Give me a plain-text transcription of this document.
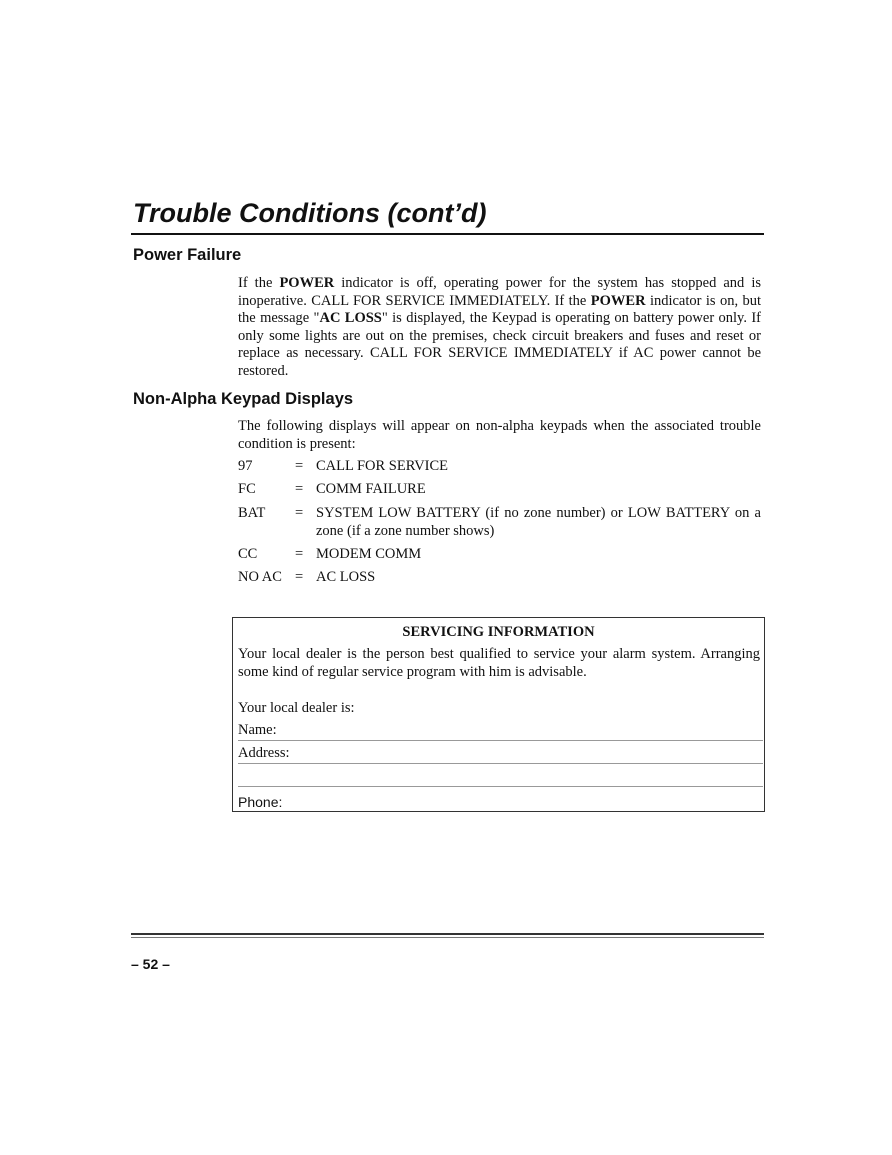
Trouble Conditions (cont’d)
Power Failure

If the POWER indicator is off, operating power for the system has stopped and is inoperative. CALL FOR SERVICE IMMEDIATELY. If the POWER indicator is on, but the message "AC LOSS" is displayed, the Keypad is operating on battery power only. If only some lights are out on the premises, check circuit breakers and fuses and reset or replace as necessary. CALL FOR SERVICE IMMEDIATELY if AC power cannot be restored.

Non-Alpha Keypad Displays

The following displays will appear on non-alpha keypads when the associated trouble condition is present:

97	= CALL FOR SERVICE
FC	= COMM FAILURE
BAT	= SYSTEM LOW BATTERY (if no zone number) or LOW BATTERY on a zone (if a zone number shows)
CC	= MODEM COMM
NO AC = AC LOSS

SERVICING INFORMATION

Your local dealer is the person best qualified to service your alarm system. Arranging some kind of regular service program with him is advisable.

Your local dealer is:
Name:
Address:
Phone:
– 52 –
